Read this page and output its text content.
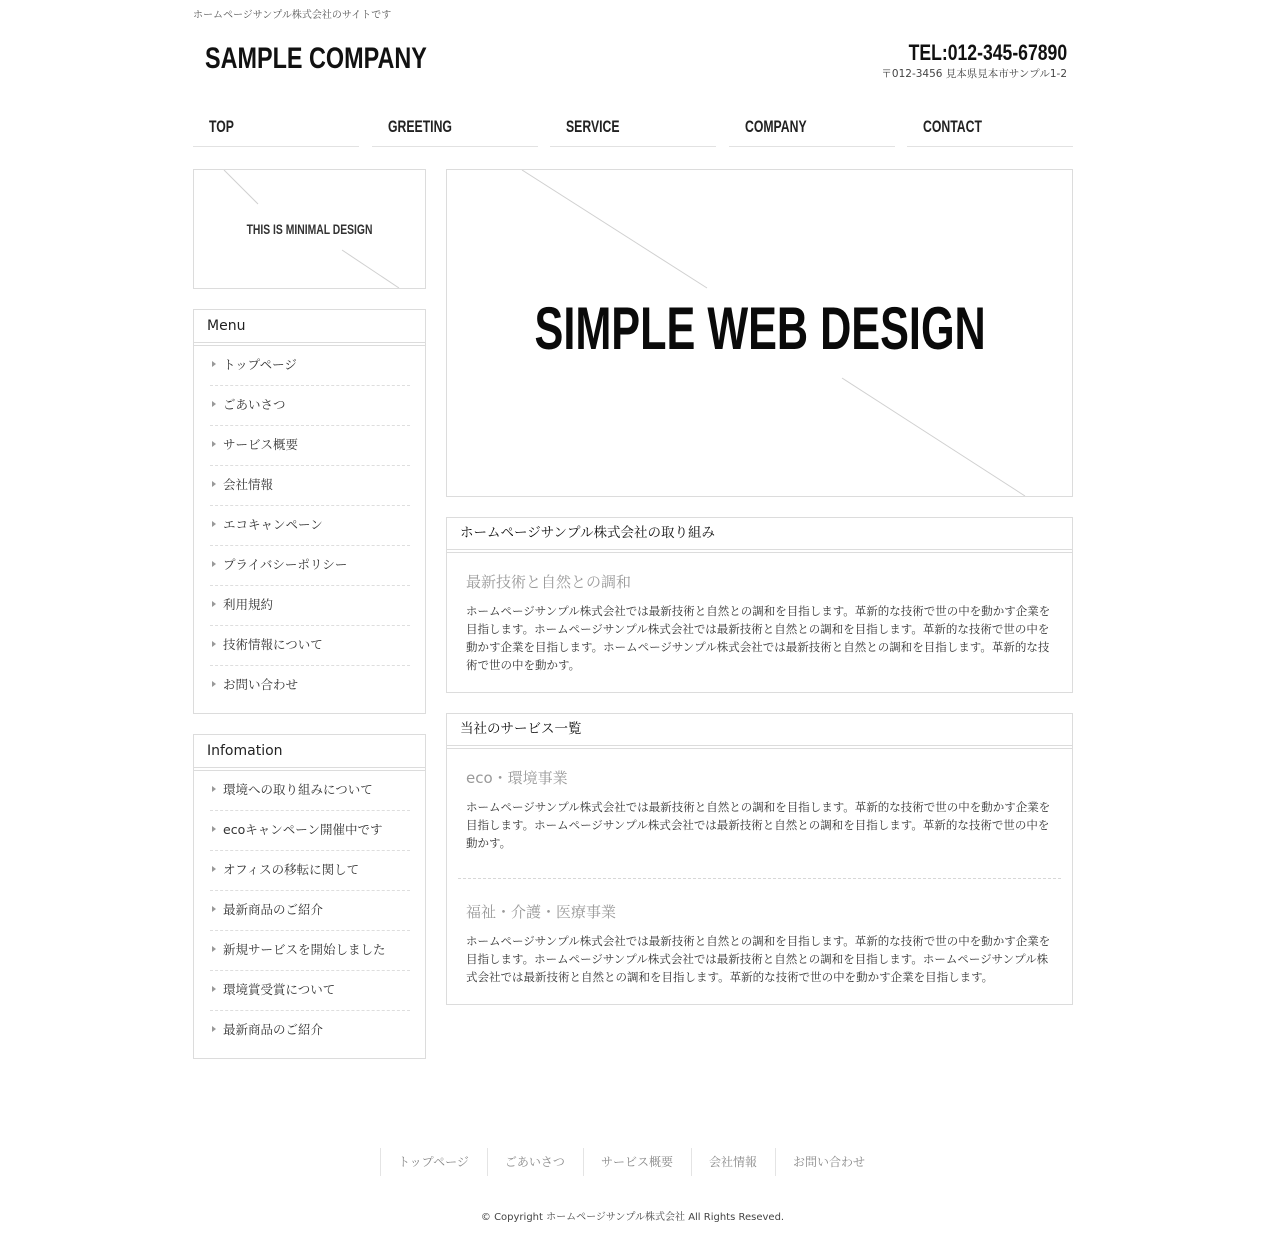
ホームページサンプル株式会社のサイトです
SAMPLE COMPANY	TEL:012-345-67890
〒012-3456 見本県見本市サンプル1-2
TOP	GREETING	SERVICE	COMPANY	CONTACT
THIS IS MINIMAL DESIGN
Menu
トップページ
ごあいさつ
サービス概要
会社情報
エコキャンペーン
プライバシーポリシー
利用規約
技術情報について
お問い合わせ
Infomation
環境への取り組みについて
ecoキャンペーン開催中です
オフィスの移転に関して
最新商品のご紹介
新規サービスを開始しました
環境賞受賞について
最新商品のご紹介
SIMPLE WEB DESIGN
ホームページサンプル株式会社の取り組み
最新技術と自然との調和

ホームページサンプル株式会社では最新技術と自然との調和を目指します。革新的な技術で世の中を動かす企業を目指します。ホームページサンプル株式会社では最新技術と自然との調和を目指します。革新的な技術で世の中を動かす企業を目指します。ホームページサンプル株式会社では最新技術と自然との調和を目指します。革新的な技術で世の中を動かす。

当社のサービス一覧
eco・環境事業

ホームページサンプル株式会社では最新技術と自然との調和を目指します。革新的な技術で世の中を動かす企業を目指します。ホームページサンプル株式会社では最新技術と自然との調和を目指します。革新的な技術で世の中を動かす。

福祉・介護・医療事業

ホームページサンプル株式会社では最新技術と自然との調和を目指します。革新的な技術で世の中を動かす企業を目指します。ホームページサンプル株式会社では最新技術と自然との調和を目指します。ホームページサンプル株式会社では最新技術と自然との調和を目指します。革新的な技術で世の中を動かす企業を目指します。

トップページ	ごあいさつ	サービス概要	会社情報	お問い合わせ
© Copyright ホームページサンプル株式会社 All Rights Reseved.
